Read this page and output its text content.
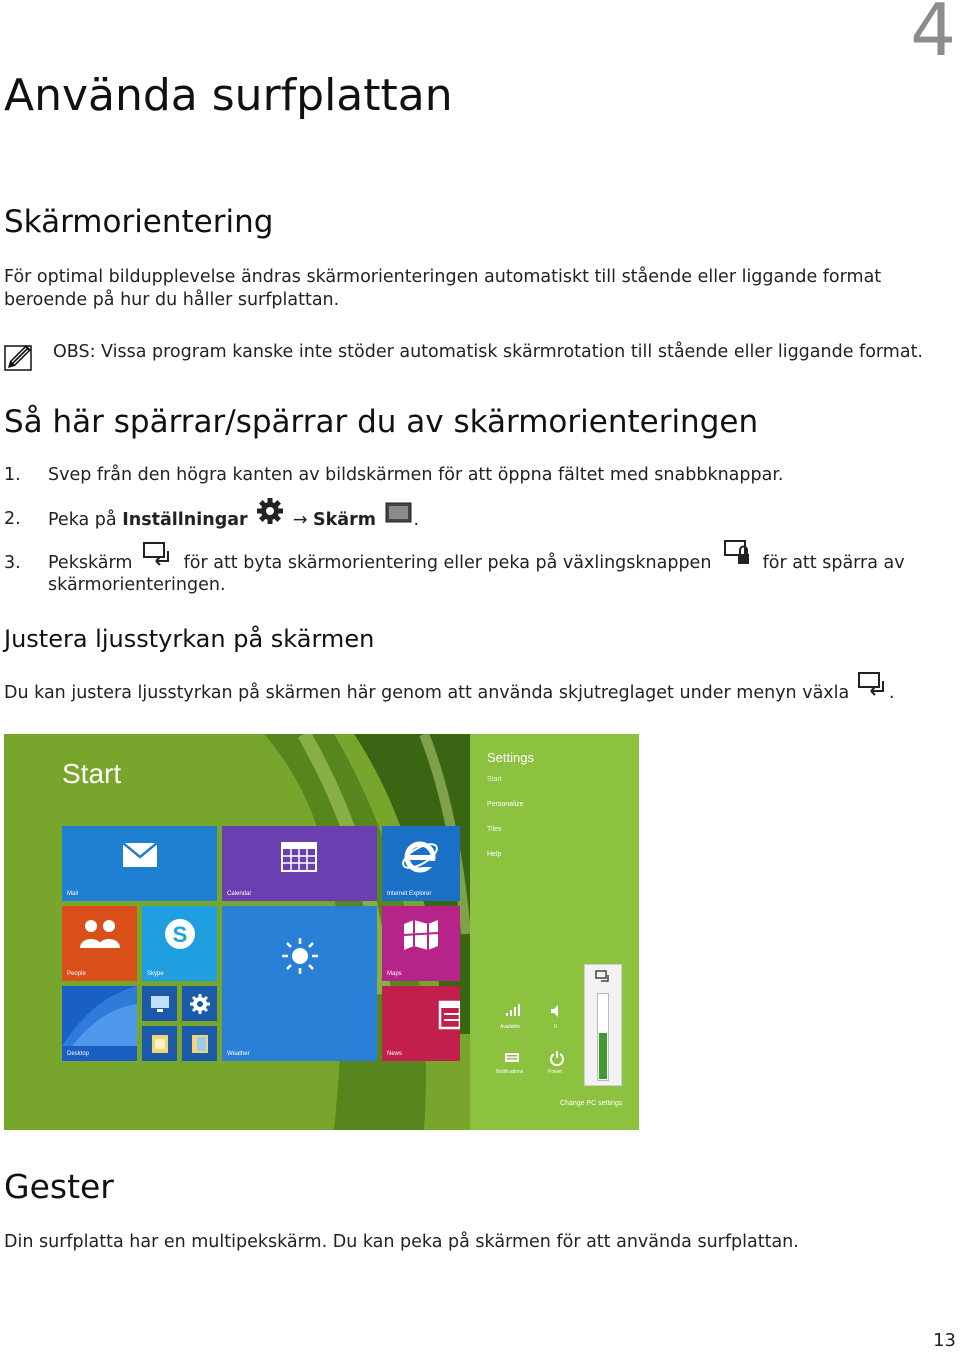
4
Använda surfplattan
Skärmorientering
För optimal bildupplevelse ändras skärmorienteringen automatiskt till stående eller liggande format
beroende på hur du håller surfplattan.
OBS: Vissa program kanske inte stöder automatisk skärmrotation till stående eller liggande format.
Så här spärrar/spärrar du av skärmorienteringen
1. Svep från den högra kanten av bildskärmen för att öppna fältet med snabbknappar.
2. Peka på Inställningar  → Skärm .
3. Pekskärm	för att byta skärmorientering eller peka på växlingsknappen	för att spärra av
skärmorienteringen.
Justera ljusstyrkan på skärmen
Du kan justera ljusstyrkan på skärmen här genom att använda skjutreglaget under menyn växla .
Start
Mail	Calendar	Internet Explorer
People
S
Skype
Weather
Maps
Desktop	News
Settings
Start
Personalize
Tiles
Help
Available	0
Notifications	Power
Change PC settings
Gester
Din surfplatta har en multipekskärm. Du kan peka på skärmen för att använda surfplattan.
13
